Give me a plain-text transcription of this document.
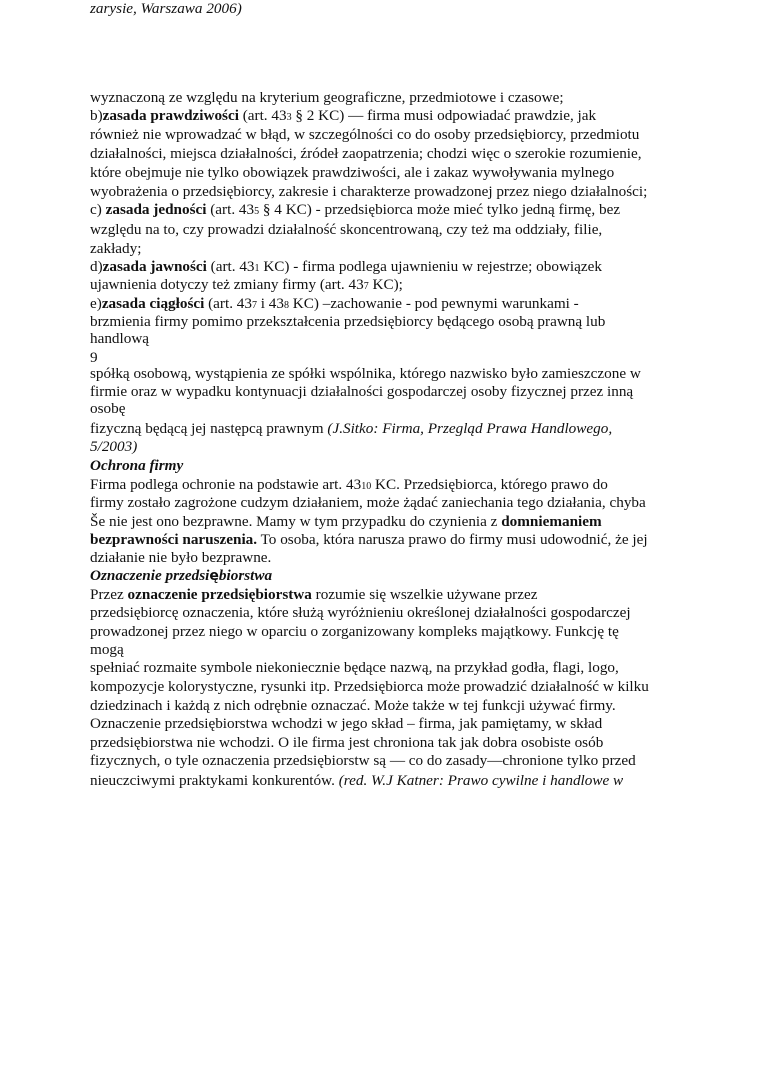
wyznaczoną ze względu na kryterium geograficzne, przedmiotowe i czasowe;
b)zasada prawdziwości (art. 433 § 2 KC) — firma musi odpowiadać prawdzie, jak
również nie wprowadzać w błąd, w szczególności co do osoby przedsiębiorcy, przedmiotu
działalności, miejsca działalności, źródeł zaopatrzenia; chodzi więc o szerokie rozumienie,
które obejmuje nie tylko obowiązek prawdziwości, ale i zakaz wywoływania mylnego
wyobrażenia o przedsiębiorcy, zakresie i charakterze prowadzonej przez niego działalności;
c) zasada jedności (art. 435 § 4 KC) - przedsiębiorca może mieć tylko jedną firmę, bez
względu na to, czy prowadzi działalność skoncentrowaną, czy też ma oddziały, filie,
zakłady;
d)zasada jawności (art. 431 KC) - firma podlega ujawnieniu w rejestrze; obowiązek
ujawnienia dotyczy też zmiany firmy (art. 437 KC);
e)zasada ciągłości (art. 437 i 438 KC) –zachowanie - pod pewnymi warunkami -
brzmienia firmy pomimo przekształcenia przedsiębiorcy będącego osobą prawną lub
handlową
9
spółką osobową, wystąpienia ze spółki wspólnika, którego nazwisko było zamieszczone w
firmie oraz w wypadku kontynuacji działalności gospodarczej osoby fizycznej przez inną
osobę
fizyczną będącą jej następcą prawnym (J.Sitko: Firma, Przegląd Prawa Handlowego,
5/2003)
Ochrona firmy
Firma podlega ochronie na podstawie art. 4310 KC. Przedsiębiorca, którego prawo do
firmy zostało zagrożone cudzym działaniem, może żądać zaniechania tego działania, chyba
Še nie jest ono bezprawne. Mamy w tym przypadku do czynienia z domniemaniem
bezprawności naruszenia. To osoba, która narusza prawo do firmy musi udowodnić, że jej
działanie nie było bezprawne.
Oznaczenie przedsiębiorstwa
Przez oznaczenie przedsiębiorstwa rozumie się wszelkie używane przez
przedsiębiorcę oznaczenia, które służą wyróżnieniu określonej działalności gospodarczej
prowadzonej przez niego w oparciu o zorganizowany kompleks majątkowy. Funkcję tę
mogą
spełniać rozmaite symbole niekoniecznie będące nazwą, na przykład godła, flagi, logo,
kompozycje kolorystyczne, rysunki itp. Przedsiębiorca może prowadzić działalność w kilku
dziedzinach i każdą z nich odrębnie oznaczać. Może także w tej funkcji używać firmy.
Oznaczenie przedsiębiorstwa wchodzi w jego skład – firma, jak pamiętamy, w skład
przedsiębiorstwa nie wchodzi. O ile firma jest chroniona tak jak dobra osobiste osób
fizycznych, o tyle oznaczenia przedsiębiorstw są — co do zasady—chronione tylko przed
nieuczciwymi praktykami konkurentów. (red. W.J Katner: Prawo cywilne i handlowe w
zarysie, Warszawa 2006)
